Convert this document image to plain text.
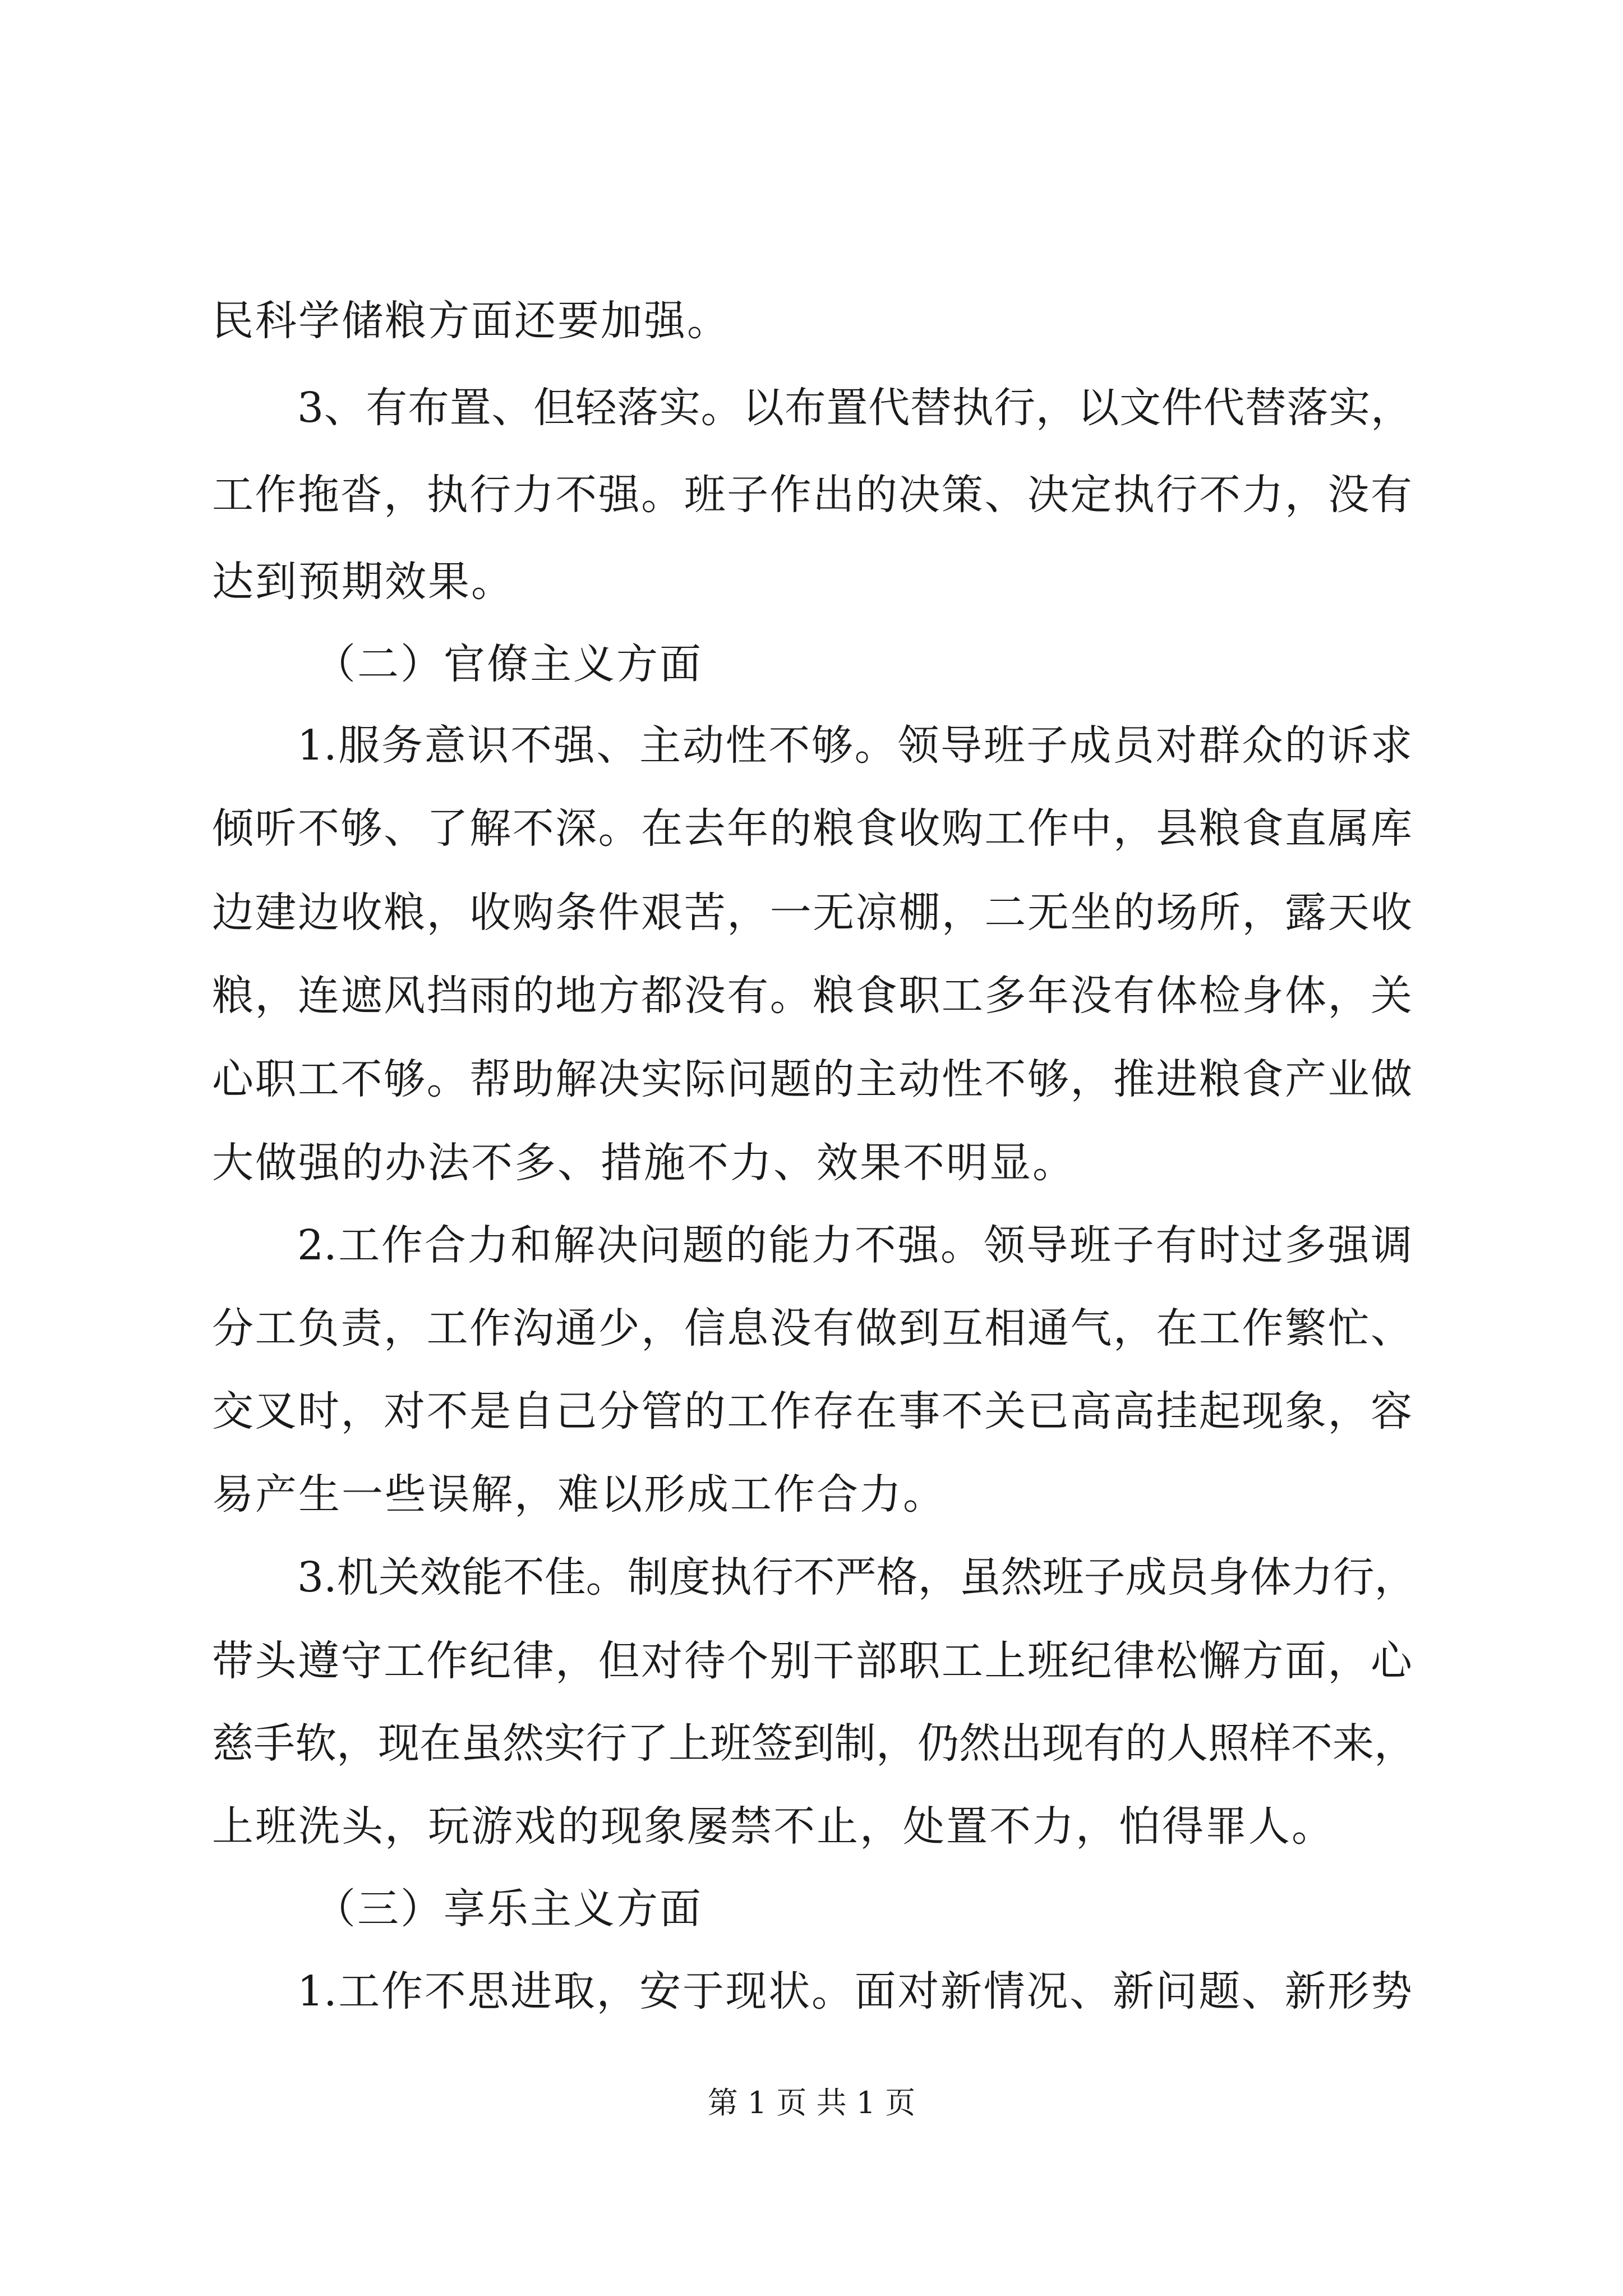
民科学储粮方面还要加强。
3、有布置、但轻落实。以布置代替执行，以文件代替落实，
工作拖沓，执行力不强。班子作出的决策、决定执行不力，没有
达到预期效果。
（二）官僚主义方面
1.服务意识不强、主动性不够。领导班子成员对群众的诉求
倾听不够、了解不深。在去年的粮食收购工作中，县粮食直属库
边建边收粮，收购条件艰苦，一无凉棚，二无坐的场所，露天收
粮，连遮风挡雨的地方都没有。粮食职工多年没有体检身体，关
心职工不够。帮助解决实际问题的主动性不够，推进粮食产业做
大做强的办法不多、措施不力、效果不明显。
2.工作合力和解决问题的能力不强。领导班子有时过多强调
分工负责，工作沟通少，信息没有做到互相通气，在工作繁忙、
交叉时，对不是自己分管的工作存在事不关已高高挂起现象，容
易产生一些误解，难以形成工作合力。
3.机关效能不佳。制度执行不严格，虽然班子成员身体力行，
带头遵守工作纪律，但对待个别干部职工上班纪律松懈方面，心
慈手软，现在虽然实行了上班签到制，仍然出现有的人照样不来，
上班洗头，玩游戏的现象屡禁不止，处置不力，怕得罪人。
（三）享乐主义方面
1.工作不思进取，安于现状。面对新情况、新问题、新形势
第 1 页 共 1 页
